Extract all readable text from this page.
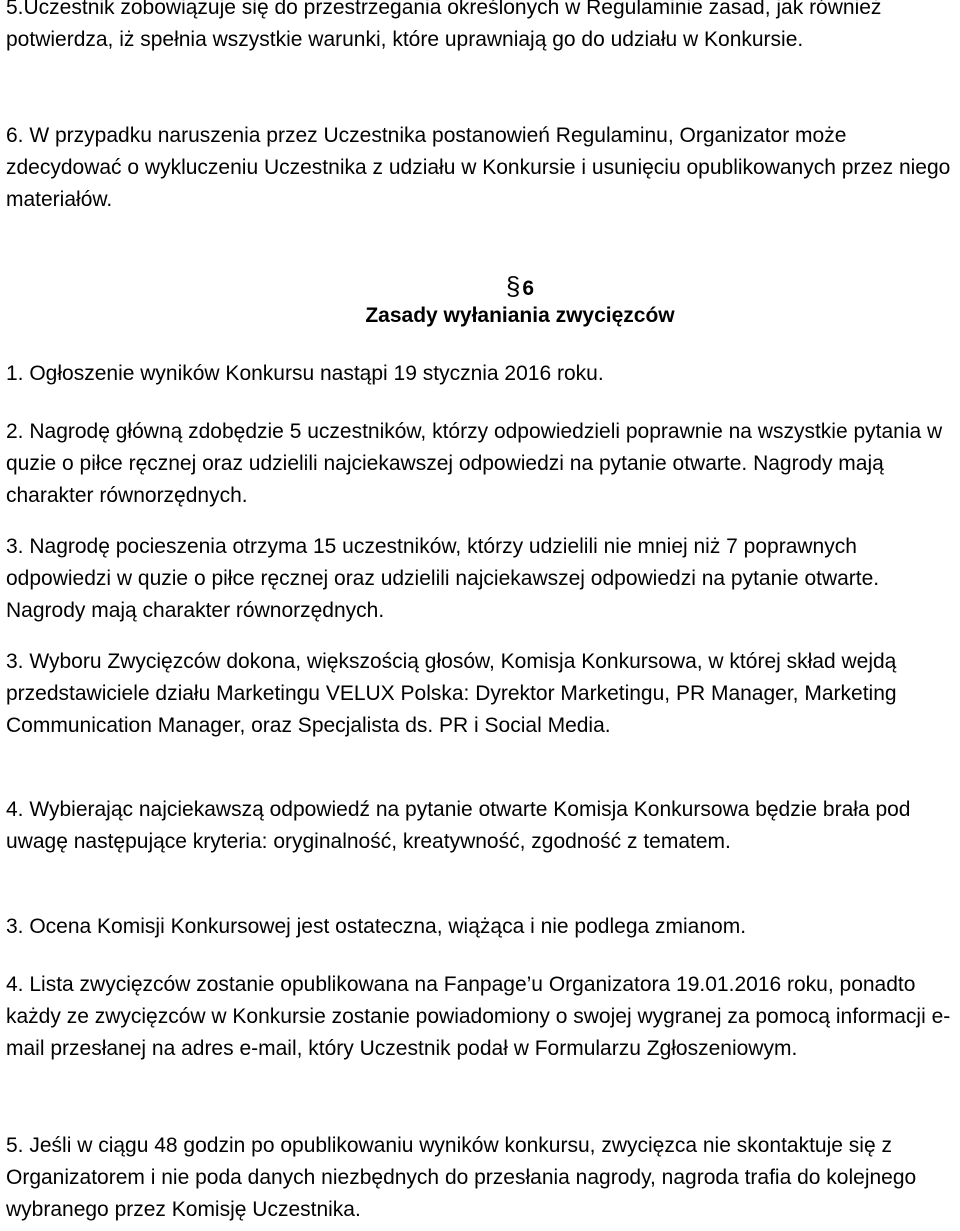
5.Uczestnik zobowiązuje się do przestrzegania określonych w Regulaminie zasad, jak również potwierdza, iż spełnia wszystkie warunki, które uprawniają go do udziału w Konkursie.

6. W przypadku naruszenia przez Uczestnika postanowień Regulaminu, Organizator może zdecydować o wykluczeniu Uczestnika z udziału w Konkursie i usunięciu opublikowanych przez niego materiałów.

§6
Zasady wyłaniania zwycięzców

1. Ogłoszenie wyników Konkursu nastąpi 19 stycznia 2016 roku.

2. Nagrodę główną zdobędzie 5 uczestników, którzy odpowiedzieli poprawnie na wszystkie pytania w quzie o piłce ręcznej oraz udzielili najciekawszej odpowiedzi na pytanie otwarte. Nagrody mają charakter równorzędnych.

3. Nagrodę pocieszenia otrzyma 15 uczestników, którzy udzielili nie mniej niż 7 poprawnych odpowiedzi w quzie o piłce ręcznej oraz udzielili najciekawszej odpowiedzi na pytanie otwarte. Nagrody mają charakter równorzędnych.

3. Wyboru Zwycięzców dokona, większością głosów, Komisja Konkursowa, w której skład wejdą przedstawiciele działu Marketingu VELUX Polska: Dyrektor Marketingu, PR Manager, Marketing Communication Manager, oraz Specjalista ds. PR i Social Media.

4. Wybierając najciekawszą odpowiedź na pytanie otwarte Komisja Konkursowa będzie brała pod uwagę następujące kryteria: oryginalność, kreatywność, zgodność z tematem.

3. Ocena Komisji Konkursowej jest ostateczna, wiążąca i nie podlega zmianom.

4. Lista zwycięzców zostanie opublikowana na Fanpage’u Organizatora 19.01.2016 roku, ponadto każdy ze zwycięzców w Konkursie zostanie powiadomiony o swojej wygranej za pomocą informacji e-mail przesłanej na adres e-mail, który Uczestnik podał w Formularzu Zgłoszeniowym.

5. Jeśli w ciągu 48 godzin po opublikowaniu wyników konkursu, zwycięzca nie skontaktuje się z Organizatorem i nie poda danych niezbędnych do przesłania nagrody, nagroda trafia do kolejnego wybranego przez Komisję Uczestnika.
